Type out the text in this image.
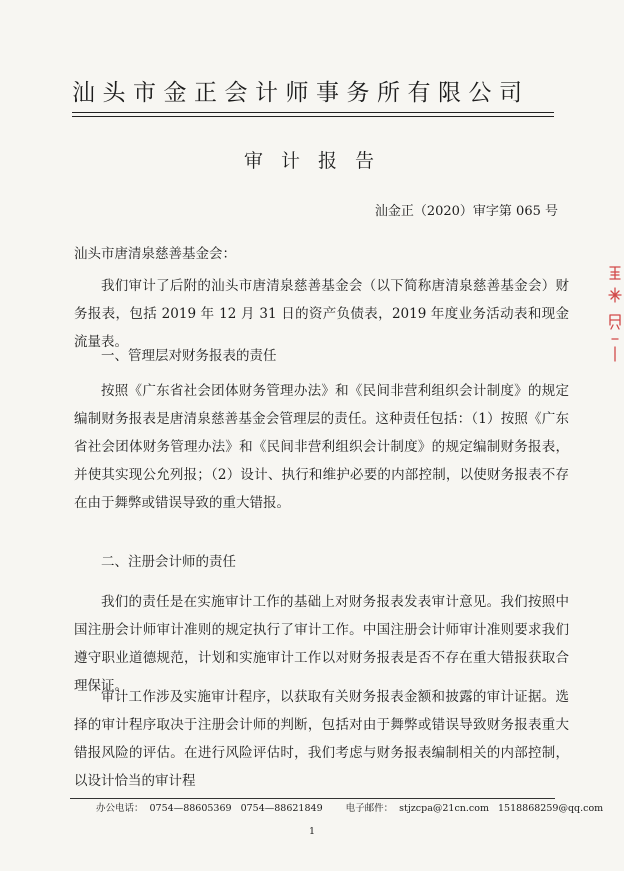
汕头市金正会计师事务所有限公司
审 计 报 告
汕金正（2020）审字第 065 号
汕头市唐清泉慈善基金会：

我们审计了后附的汕头市唐清泉慈善基金会（以下简称唐清泉慈善基金会）财务报表，包括 2019 年 12 月 31 日的资产负债表，2019 年度业务活动表和现金流量表。

一、管理层对财务报表的责任

按照《广东省社会团体财务管理办法》和《民间非营利组织会计制度》的规定编制财务报表是唐清泉慈善基金会管理层的责任。这种责任包括：（1）按照《广东省社会团体财务管理办法》和《民间非营利组织会计制度》的规定编制财务报表，并使其实现公允列报；（2）设计、执行和维护必要的内部控制，以使财务报表不存在由于舞弊或错误导致的重大错报。

二、注册会计师的责任

我们的责任是在实施审计工作的基础上对财务报表发表审计意见。我们按照中国注册会计师审计准则的规定执行了审计工作。中国注册会计师审计准则要求我们遵守职业道德规范，计划和实施审计工作以对财务报表是否不存在重大错报获取合理保证。

审计工作涉及实施审计程序，以获取有关财务报表金额和披露的审计证据。选择的审计程序取决于注册会计师的判断，包括对由于舞弊或错误导致财务报表重大错报风险的评估。在进行风险评估时，我们考虑与财务报表编制相关的内部控制，以设计恰当的审计程

办公电话： 0754—88605369 0754—88621849 电子邮件： stjzcpa@21cn.com 1518868259@qq.com
1
